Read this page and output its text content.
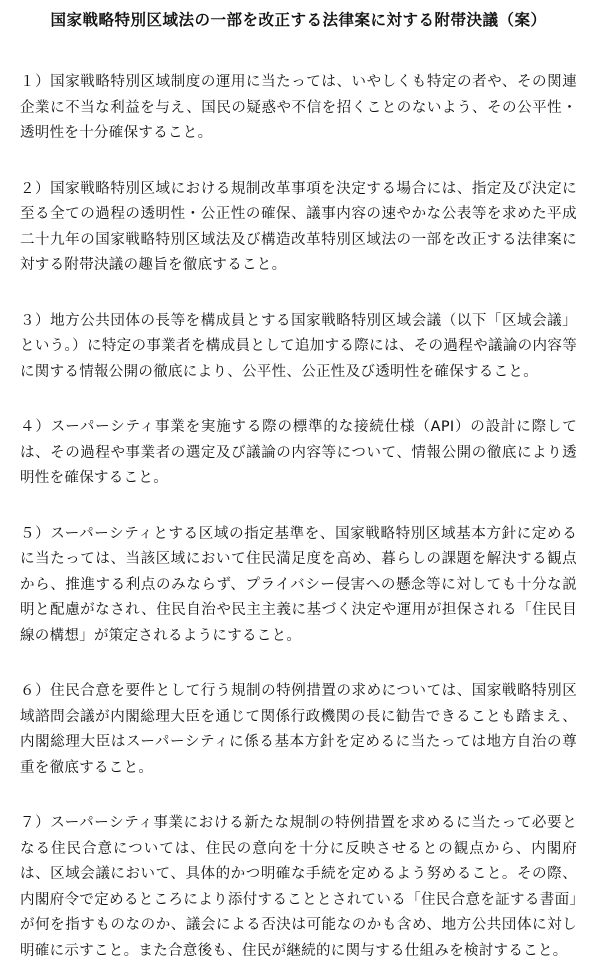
国家戦略特別区域法の一部を改正する法律案に対する附帯決議（案）

１）国家戦略特別区域制度の運用に当たっては、いやしくも特定の者や、その関連企業に不当な利益を与え、国民の疑惑や不信を招くことのないよう、その公平性・透明性を十分確保すること。

２）国家戦略特別区域における規制改革事項を決定する場合には、指定及び決定に至る全ての過程の透明性・公正性の確保、議事内容の速やかな公表等を求めた平成二十九年の国家戦略特別区域法及び構造改革特別区域法の一部を改正する法律案に対する附帯決議の趣旨を徹底すること。

３）地方公共団体の長等を構成員とする国家戦略特別区域会議（以下「区域会議」という。）に特定の事業者を構成員として追加する際には、その過程や議論の内容等に関する情報公開の徹底により、公平性、公正性及び透明性を確保すること。

４）スーパーシティ事業を実施する際の標準的な接続仕様（API）の設計に際しては、その過程や事業者の選定及び議論の内容等について、情報公開の徹底により透明性を確保すること。

５）スーパーシティとする区域の指定基準を、国家戦略特別区域基本方針に定めるに当たっては、当該区域において住民満足度を高め、暮らしの課題を解決する観点から、推進する利点のみならず、プライバシー侵害への懸念等に対しても十分な説明と配慮がなされ、住民自治や民主主義に基づく決定や運用が担保される「住民目線の構想」が策定されるようにすること。

６）住民合意を要件として行う規制の特例措置の求めについては、国家戦略特別区域諮問会議が内閣総理大臣を通じて関係行政機関の長に勧告できることも踏まえ、内閣総理大臣はスーパーシティに係る基本方針を定めるに当たっては地方自治の尊重を徹底すること。

７）スーパーシティ事業における新たな規制の特例措置を求めるに当たって必要となる住民合意については、住民の意向を十分に反映させるとの観点から、内閣府は、区域会議において、具体的かつ明確な手続を定めるよう努めること。その際、内閣府令で定めるところにより添付することとされている「住民合意を証する書面」が何を指すものなのか、議会による否決は可能なのかも含め、地方公共団体に対し明確に示すこと。また合意後も、住民が継続的に関与する仕組みを検討すること。
